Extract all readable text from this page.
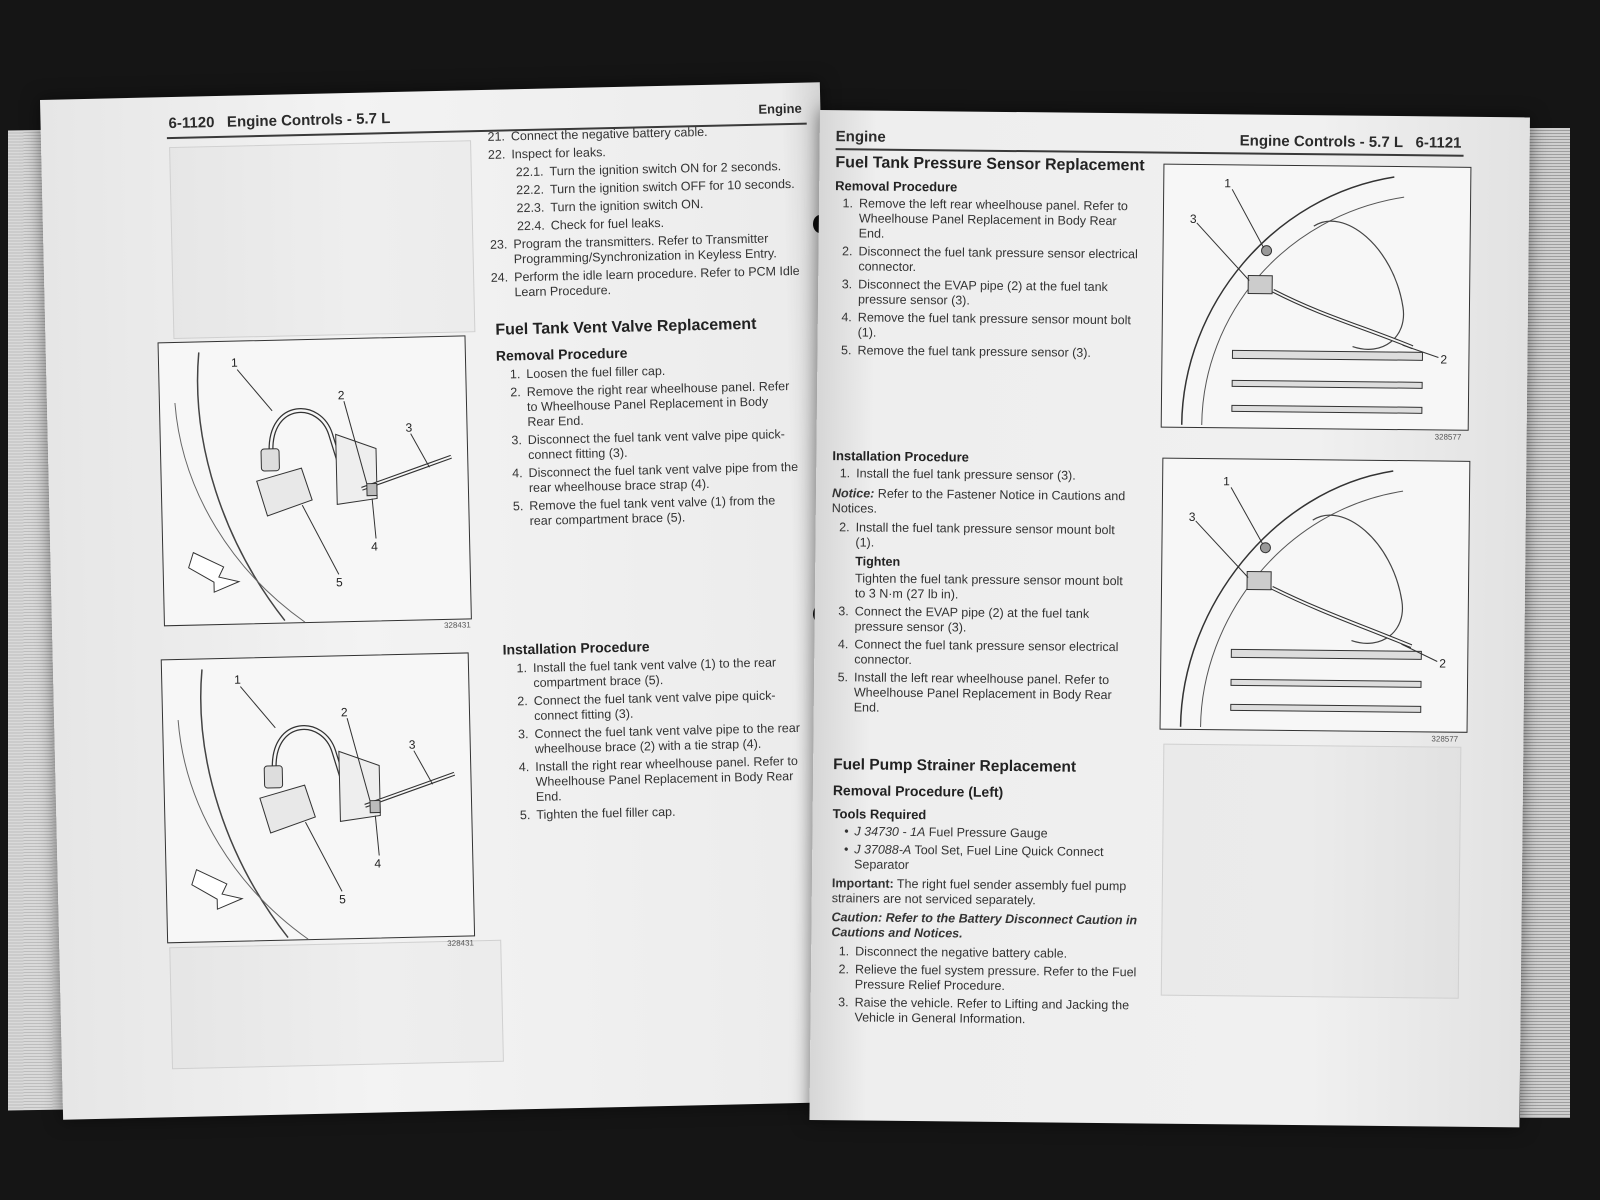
6-1120 Engine Controls - 5.7 L
Engine

21. Connect the negative battery cable.
22. Inspect for leaks.
22.1. Turn the ignition switch ON for 2 seconds.
22.2. Turn the ignition switch OFF for 10 seconds.
22.3. Turn the ignition switch ON.
22.4. Check for fuel leaks.
23. Program the transmitters. Refer to Transmitter Programming/Synchronization in Keyless Entry.
24. Perform the idle learn procedure. Refer to PCM Idle Learn Procedure.
Fuel Tank Vent Valve Replacement
Removal Procedure
1. Loosen the fuel filler cap.
2. Remove the right rear wheelhouse panel. Refer to Wheelhouse Panel Replacement in Body Rear End.
3. Disconnect the fuel tank vent valve pipe quick-connect fitting (3).
4. Disconnect the fuel tank vent valve pipe from the rear wheelhouse brace strap (4).
5. Remove the fuel tank vent valve (1) from the rear compartment brace (5).
Installation Procedure
1. Install the fuel tank vent valve (1) to the rear compartment brace (5).
2. Connect the fuel tank vent valve pipe quick-connect fitting (3).
3. Connect the fuel tank vent valve pipe to the rear wheelhouse brace (2) with a tie strap (4).
4. Install the right rear wheelhouse panel. Refer to Wheelhouse Panel Replacement in Body Rear End.
5. Tighten the fuel filler cap.
1
2
3
4
5
328431
1
2
3
4
5
328431
Engine	Engine Controls - 5.7 L 6-1121
Fuel Tank Pressure Sensor Replacement
Removal Procedure
1. Remove the left rear wheelhouse panel. Refer to Wheelhouse Panel Replacement in Body Rear End.
2. Disconnect the fuel tank pressure sensor electrical connector.
3. Disconnect the EVAP pipe (2) at the fuel tank pressure sensor (3).
4. Remove the fuel tank pressure sensor mount bolt (1).
5. Remove the fuel tank pressure sensor (3).

Installation Procedure
1. Install the fuel tank pressure sensor (3).

Notice: Refer to the Fastener Notice in Cautions and Notices.

2. Install the fuel tank pressure sensor mount bolt (1).
Tighten

Tighten the fuel tank pressure sensor mount bolt to 3 N·m (27 lb in).

3. Connect the EVAP pipe (2) at the fuel tank pressure sensor (3).
4. Connect the fuel tank pressure sensor electrical connector.
5. Install the left rear wheelhouse panel. Refer to Wheelhouse Panel Replacement in Body Rear End.
Fuel Pump Strainer Replacement
Removal Procedure (Left)
Tools Required
• J 34730 - 1A Fuel Pressure Gauge
• J 37088-A Tool Set, Fuel Line Quick Connect Separator

Important: The right fuel sender assembly fuel pump strainers are not serviced separately.

Caution: Refer to the Battery Disconnect Caution in Cautions and Notices.

1. Disconnect the negative battery cable.
2. Relieve the fuel system pressure. Refer to the Fuel Pressure Relief Procedure.
3. Raise the vehicle. Refer to Lifting and Jacking the Vehicle in General Information.
1
2
3
328577
1
2
3
328577
